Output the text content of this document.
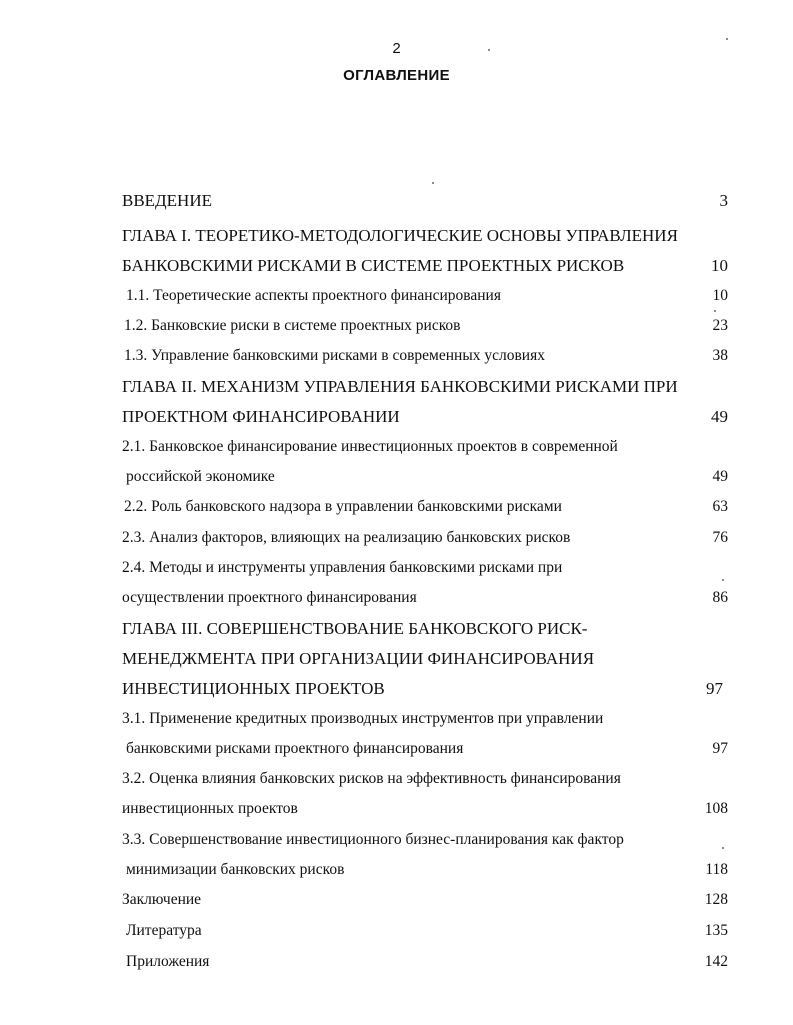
2
ОГЛАВЛЕНИЕ
ВВЕДЕНИЕ	3
ГЛАВА I. ТЕОРЕТИКО-МЕТОДОЛОГИЧЕСКИЕ ОСНОВЫ УПРАВЛЕНИЯ
БАНКОВСКИМИ РИСКАМИ В СИСТЕМЕ ПРОЕКТНЫХ РИСКОВ	10
1.1. Теоретические аспекты проектного финансирования	10
1.2. Банковские риски в системе проектных рисков	23
1.3. Управление банковскими рисками в современных условиях	38
ГЛАВА II. МЕХАНИЗМ УПРАВЛЕНИЯ БАНКОВСКИМИ РИСКАМИ ПРИ
ПРОЕКТНОМ ФИНАНСИРОВАНИИ	49
2.1. Банковское финансирование инвестиционных проектов в современной
российской экономике	49
2.2. Роль банковского надзора в управлении банковскими рисками	63
2.3. Анализ факторов, влияющих на реализацию банковских рисков	76
2.4. Методы и инструменты управления банковскими рисками при
осуществлении проектного финансирования	86
ГЛАВА III. СОВЕРШЕНСТВОВАНИЕ БАНКОВСКОГО РИСК-
МЕНЕДЖМЕНТА ПРИ ОРГАНИЗАЦИИ ФИНАНСИРОВАНИЯ
ИНВЕСТИЦИОННЫХ ПРОЕКТОВ	97
3.1. Применение кредитных производных инструментов при управлении
банковскими рисками проектного финансирования	97
3.2. Оценка влияния банковских рисков на эффективность финансирования
инвестиционных проектов	108
3.3. Совершенствование инвестиционного бизнес-планирования как фактор
минимизации банковских рисков	118
Заключение	128
Литература	135
Приложения	142
